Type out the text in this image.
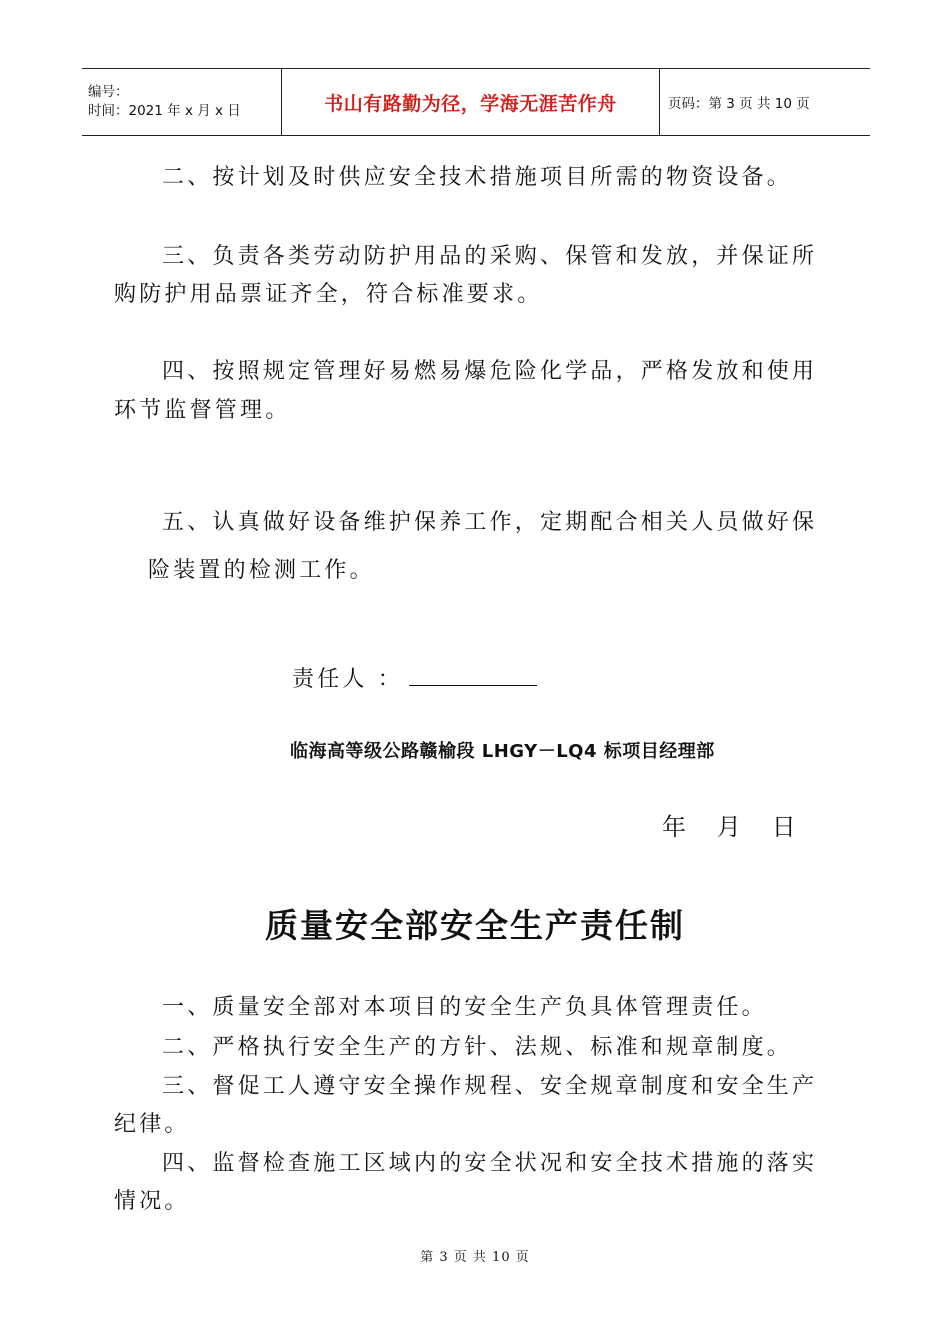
编号：
时间：2021 年 x 月 x 日	书山有路勤为径，学海无涯苦作舟	页码：第 3 页 共 10 页
二、按计划及时供应安全技术措施项目所需的物资设备。
三、负责各类劳动防护用品的采购、保管和发放，并保证所
购防护用品票证齐全，符合标准要求。
四、按照规定管理好易燃易爆危险化学品，严格发放和使用
环节监督管理。
五、认真做好设备维护保养工作，定期配合相关人员做好保
险装置的检测工作。
责任人 ：
临海高等级公路赣榆段 LHGY－LQ4 标项目经理部
年   月   日
质量安全部安全生产责任制
一、质量安全部对本项目的安全生产负具体管理责任。
二、严格执行安全生产的方针、法规、标准和规章制度。
三、督促工人遵守安全操作规程、安全规章制度和安全生产
纪律。
四、监督检查施工区域内的安全状况和安全技术措施的落实
情况。
第 3 页 共 10 页
